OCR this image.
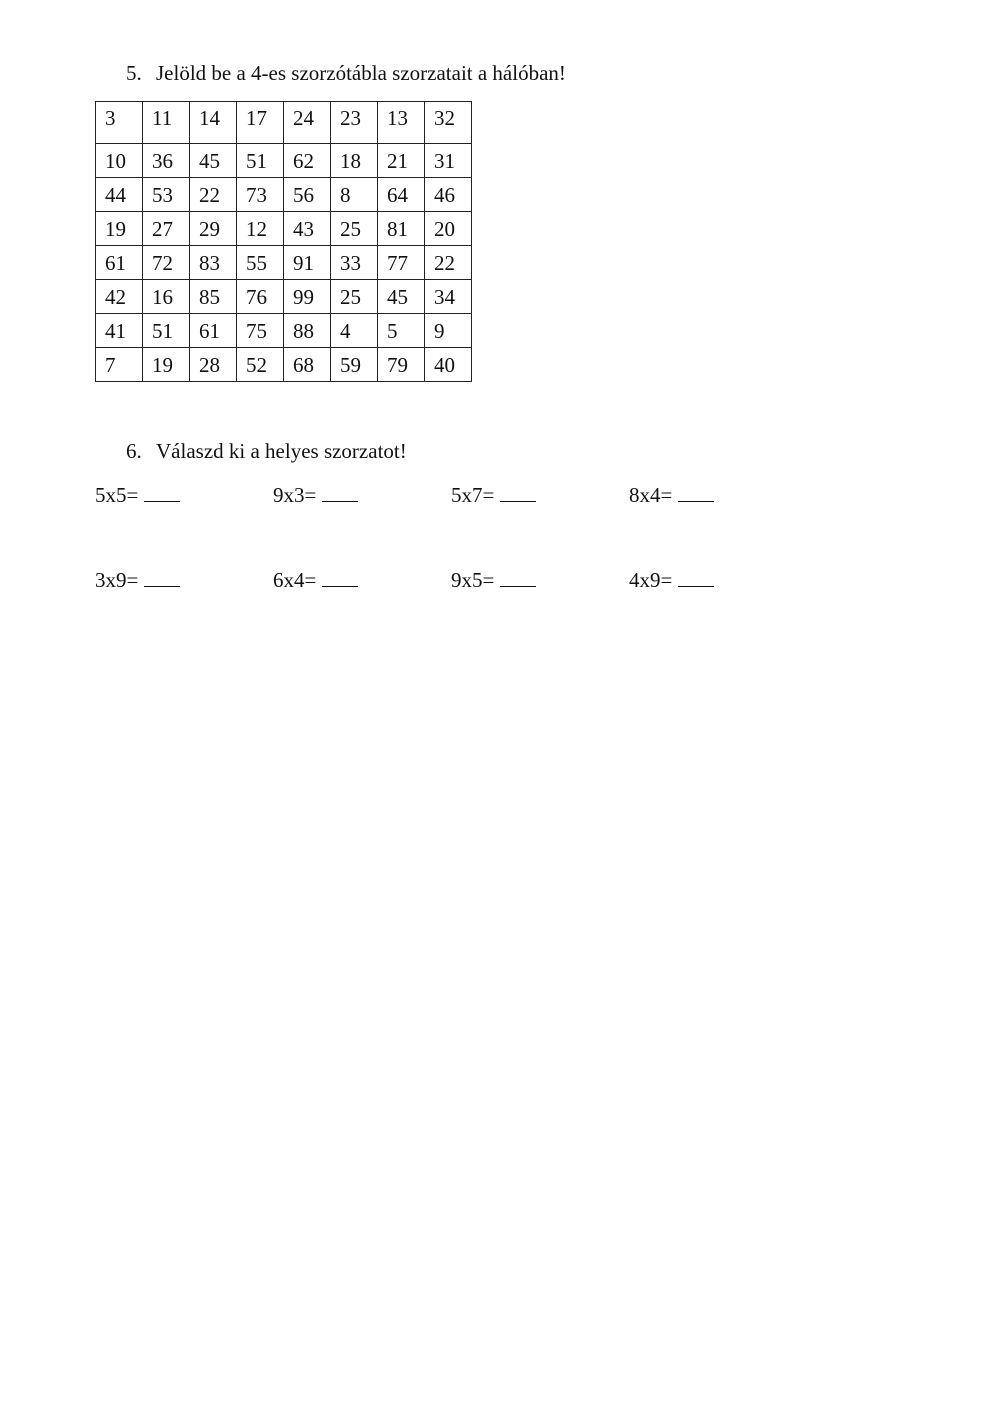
5. Jelöld be a 4-es szorzótábla szorzatait a hálóban!
3	11	14	17	24	23	13	32
10	36	45	51	62	18	21	31
44	53	22	73	56	8	64	46
19	27	29	12	43	25	81	20
61	72	83	55	91	33	77	22
42	16	85	76	99	25	45	34
41	51	61	75	88	4	5	9
7	19	28	52	68	59	79	40
6. Válaszd ki a helyes szorzatot!
5x5=	9x3=	5x7=	8x4=
3x9=	6x4=	9x5=	4x9=
